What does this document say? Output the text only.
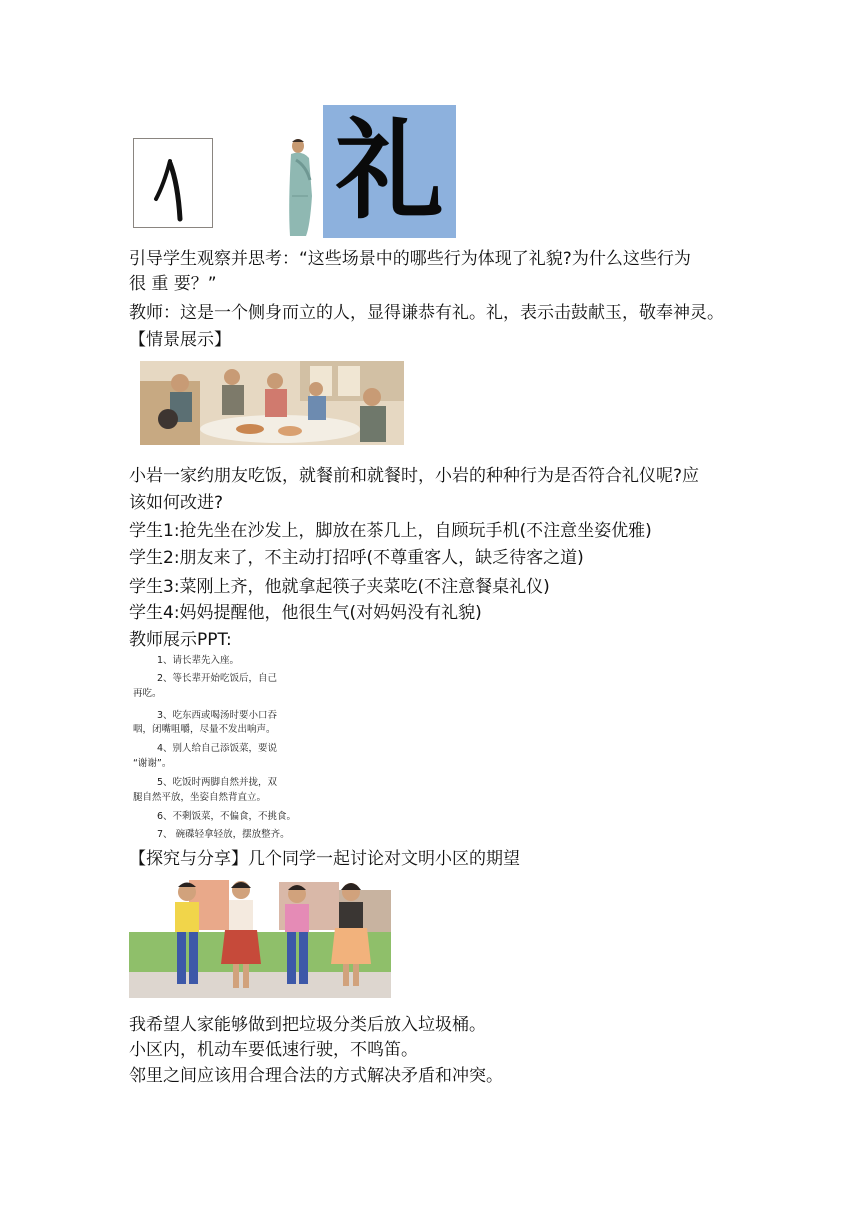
礼
引导学生观察并思考：“这些场景中的哪些行为体现了礼貌?为什么这些行为
很 重 要？”
教师：这是一个侧身而立的人，显得谦恭有礼。礼，表示击鼓献玉，敬奉神灵。
【情景展示】
小岩一家约朋友吃饭，就餐前和就餐时，小岩的种种行为是否符合礼仪呢?应
该如何改进?
学生1:抢先坐在沙发上，脚放在茶几上，自顾玩手机(不注意坐姿优雅)
学生2:朋友来了，不主动打招呼(不尊重客人，缺乏待客之道)
学生3:菜刚上齐，他就拿起筷子夹菜吃(不注意餐桌礼仪)
学生4:妈妈提醒他，他很生气(对妈妈没有礼貌)
教师展示PPT:
1、请长辈先入座。
2、等长辈开始吃饭后，自己
再吃。
3、吃东西或喝汤时要小口吞
咽，闭嘴咀嚼，尽量不发出响声。
4、别人给自己添饭菜，要说
“谢谢”。
5、吃饭时两脚自然并拢，双
腿自然平放，坐姿自然背直立。
6、不剩饭菜，不偏食，不挑食。
7、 碗碟轻拿轻放，摆放整齐。
【探究与分享】几个同学一起讨论对文明小区的期望
我希望人家能够做到把垃圾分类后放入垃圾桶。
小区内，机动车要低速行驶，不鸣笛。
邻里之间应该用合理合法的方式解决矛盾和冲突。
